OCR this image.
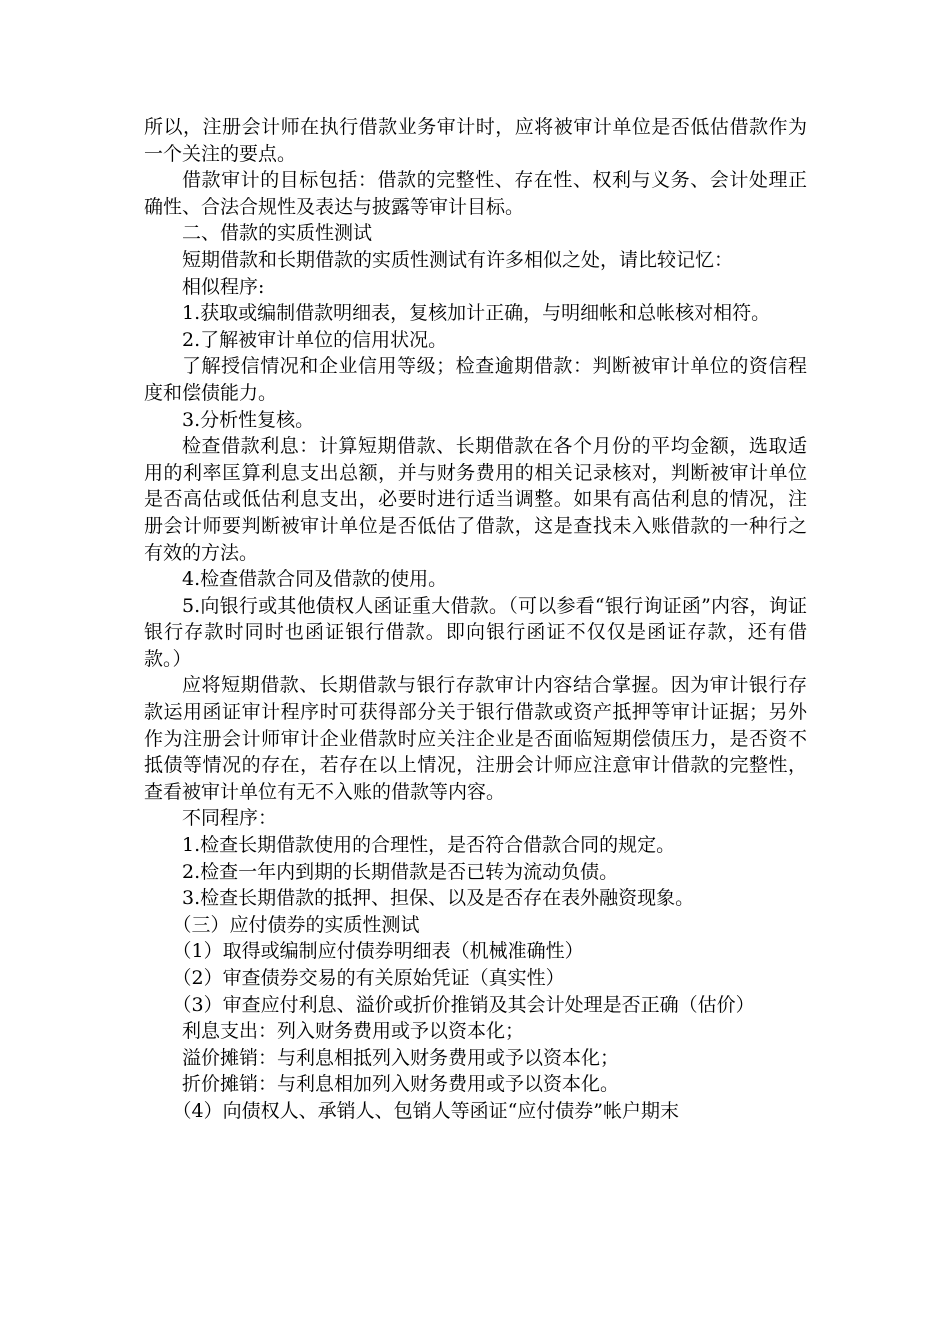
所以，注册会计师在执行借款业务审计时，应将被审计单位是否低估借款作为一个关注的要点。

借款审计的目标包括：借款的完整性、存在性、权利与义务、会计处理正确性、合法合规性及表达与披露等审计目标。

二、借款的实质性测试

短期借款和长期借款的实质性测试有许多相似之处，请比较记忆：

相似程序:

1.获取或编制借款明细表，复核加计正确，与明细帐和总帐核对相符。

2.了解被审计单位的信用状况。

了解授信情况和企业信用等级；检查逾期借款：判断被审计单位的资信程度和偿债能力。

3.分析性复核。

检查借款利息：计算短期借款、长期借款在各个月份的平均金额，选取适用的利率匡算利息支出总额，并与财务费用的相关记录核对，判断被审计单位是否高估或低估利息支出，必要时进行适当调整。如果有高估利息的情况，注册会计师要判断被审计单位是否低估了借款，这是查找未入账借款的一种行之有效的方法。

4.检查借款合同及借款的使用。

5.向银行或其他债权人函证重大借款。（可以参看“银行询证函”内容，询证银行存款时同时也函证银行借款。即向银行函证不仅仅是函证存款，还有借款。）

应将短期借款、长期借款与银行存款审计内容结合掌握。因为审计银行存款运用函证审计程序时可获得部分关于银行借款或资产抵押等审计证据；另外作为注册会计师审计企业借款时应关注企业是否面临短期偿债压力，是否资不抵债等情况的存在，若存在以上情况，注册会计师应注意审计借款的完整性，查看被审计单位有无不入账的借款等内容。

不同程序：

1.检查长期借款使用的合理性，是否符合借款合同的规定。

2.检查一年内到期的长期借款是否已转为流动负债。

3.检查长期借款的抵押、担保、以及是否存在表外融资现象。

（三）应付债券的实质性测试

（1）取得或编制应付债券明细表（机械准确性）

（2）审查债券交易的有关原始凭证（真实性）

（3）审查应付利息、溢价或折价推销及其会计处理是否正确（估价）

利息支出：列入财务费用或予以资本化；

溢价摊销：与利息相抵列入财务费用或予以资本化；

折价摊销：与利息相加列入财务费用或予以资本化。

（4）向债权人、承销人、包销人等函证“应付债券”帐户期末
